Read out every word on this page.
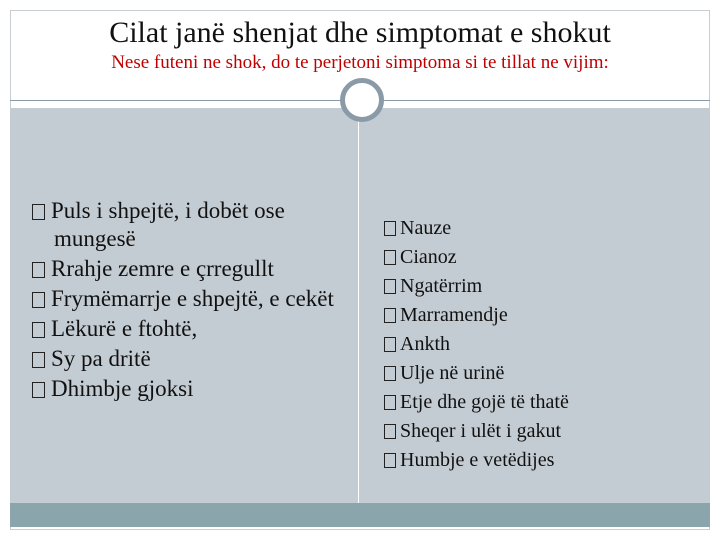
Cilat janë shenjat dhe simptomat e shokut
Nese futeni ne shok, do te perjetoni simptoma si te tillat ne vijim:
Puls i shpejtë, i dobët ose mungesë
Rrahje zemre e çrregullt
Frymëmarrje e shpejtë, e cekët
Lëkurë e ftohtë,
Sy pa dritë
Dhimbje gjoksi
Nauze
Cianoz
Ngatërrim
Marramendje
Ankth
Ulje në urinë
Etje dhe gojë të thatë
Sheqer i ulët i gakut
Humbje e vetëdijes
